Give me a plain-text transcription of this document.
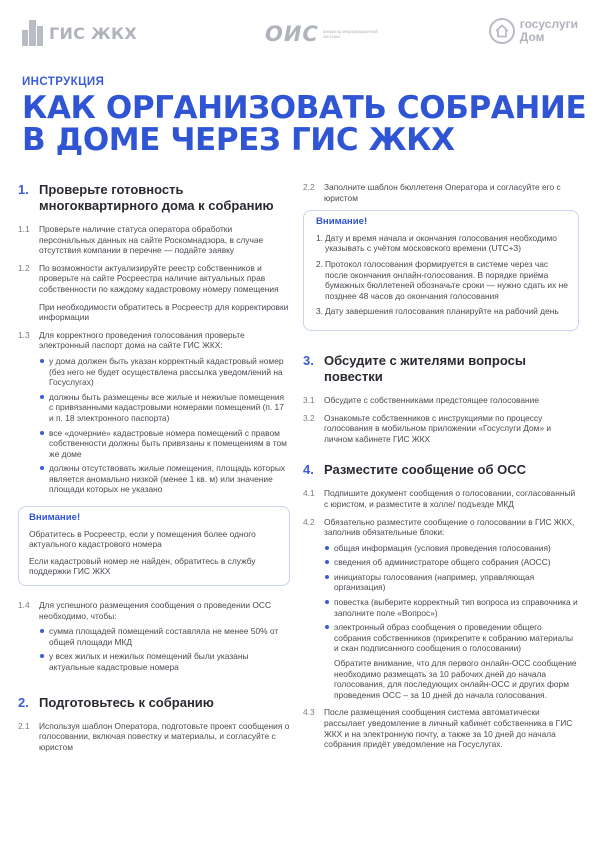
ГИС ЖКХ	ОИС оператор информационной системы
госуслуги
Дом
ИНСТРУКЦИЯ
КАК ОРГАНИЗОВАТЬ СОБРАНИЕ
В ДОМЕ ЧЕРЕЗ ГИС ЖКХ
1. Проверьте готовность многоквартирного дома к собранию
1.1	Проверьте наличие статуса оператора обработки персональных данных на сайте Роскомнадзора, в случае отсутствия компании в перечне — подайте заявку
1.2	По возможности актуализируйте реестр собственников и проверьте на сайте Росреестра наличие актуальных прав собственности по каждому кадастровому номеру помещения

При необходимости обратитесь в Росреестр для корректировки информации

1.3	Для корректного проведения голосования проверьте электронный паспорт дома на сайте ГИС ЖКХ:

у дома должен быть указан корректный кадастровый номер (без него не будет осуществлена рассылка уведомлений на Госуслугах)
должны быть размещены все жилые и нежилые помещения с привязанными кадастровыми номерами помещений (п. 17 и п. 18 электронного паспорта)
все «дочерние» кадастровые номера помещений с правом собственности должны быть привязаны к помещениям в том же доме
должны отсутствовать жилые помещения, площадь которых является аномально низкой (менее 1 кв. м) или значение площади которых не указано
Внимание!

Обратитесь в Росреестр, если у помещения более одного актуального кадастрового номера

Если кадастровый номер не найден, обратитесь в службу поддержки ГИС ЖКХ

1.4	Для успешного размещения сообщения о проведении ОСС необходимо, чтобы:

сумма площадей помещений составляла не менее 50% от общей площади МКД
у всех жилых и нежилых помещений были указаны актуальные кадастровые номера
2. Подготовьтесь к собранию
2.1	Используя шаблон Оператора, подготовьте проект сообщения о голосовании, включая повестку и материалы, и согласуйте с юристом
2.2	Заполните шаблон бюллетеня Оператора и согласуйте его с юристом
Внимание!
1. Дату и время начала и окончания голосования необходимо указывать с учётом московского времени (UTC+3)
2. Протокол голосования формируется в системе через час после окончания онлайн-голосования. В порядке приёма бумажных бюллетеней обозначьте сроки — нужно сдать их не позднее 48 часов до окончания голосования
3. Дату завершения голосования планируйте на рабочий день
3. Обсудите с жителями вопросы повестки
3.1	Обсудите с собственниками предстоящее голосование
3.2	Ознакомьте собственников с инструкциями по процессу голосования в мобильном приложении «Госуслуги Дом» и личном кабинете ГИС ЖКХ
4. Разместите сообщение об ОСС
4.1	Подпишите документ сообщения о голосовании, согласованный с юристом, и разместите в холле/ подъезде МКД
4.2	Обязательно разместите сообщение о голосовании в ГИС ЖКХ, заполнив обязательные блоки:

общая информация (условия проведения голосования)
сведения об администраторе общего собрания (АОСС)
инициаторы голосования (например, управляющая организация)
повестка (выберите корректный тип вопроса из справочника и заполните поле «Вопрос»)
электронный образ сообщения о проведении общего собрания собственников (прикрепите к собранию материалы и скан подписанного сообщения о голосовании)

Обратите внимание, что для первого онлайн-ОСС сообщение необходимо размещать за 10 рабочих дней до начала голосования, для последующих онлайн-ОСС и других форм проведения ОСС – за 10 дней до начала голосования.

4.3	После размещения сообщения система автоматически рассылает уведомление в личный кабинет собственника в ГИС ЖКХ и на электронную почту, а также за 10 дней до начала собрания придёт уведомление на Госуслугах.
